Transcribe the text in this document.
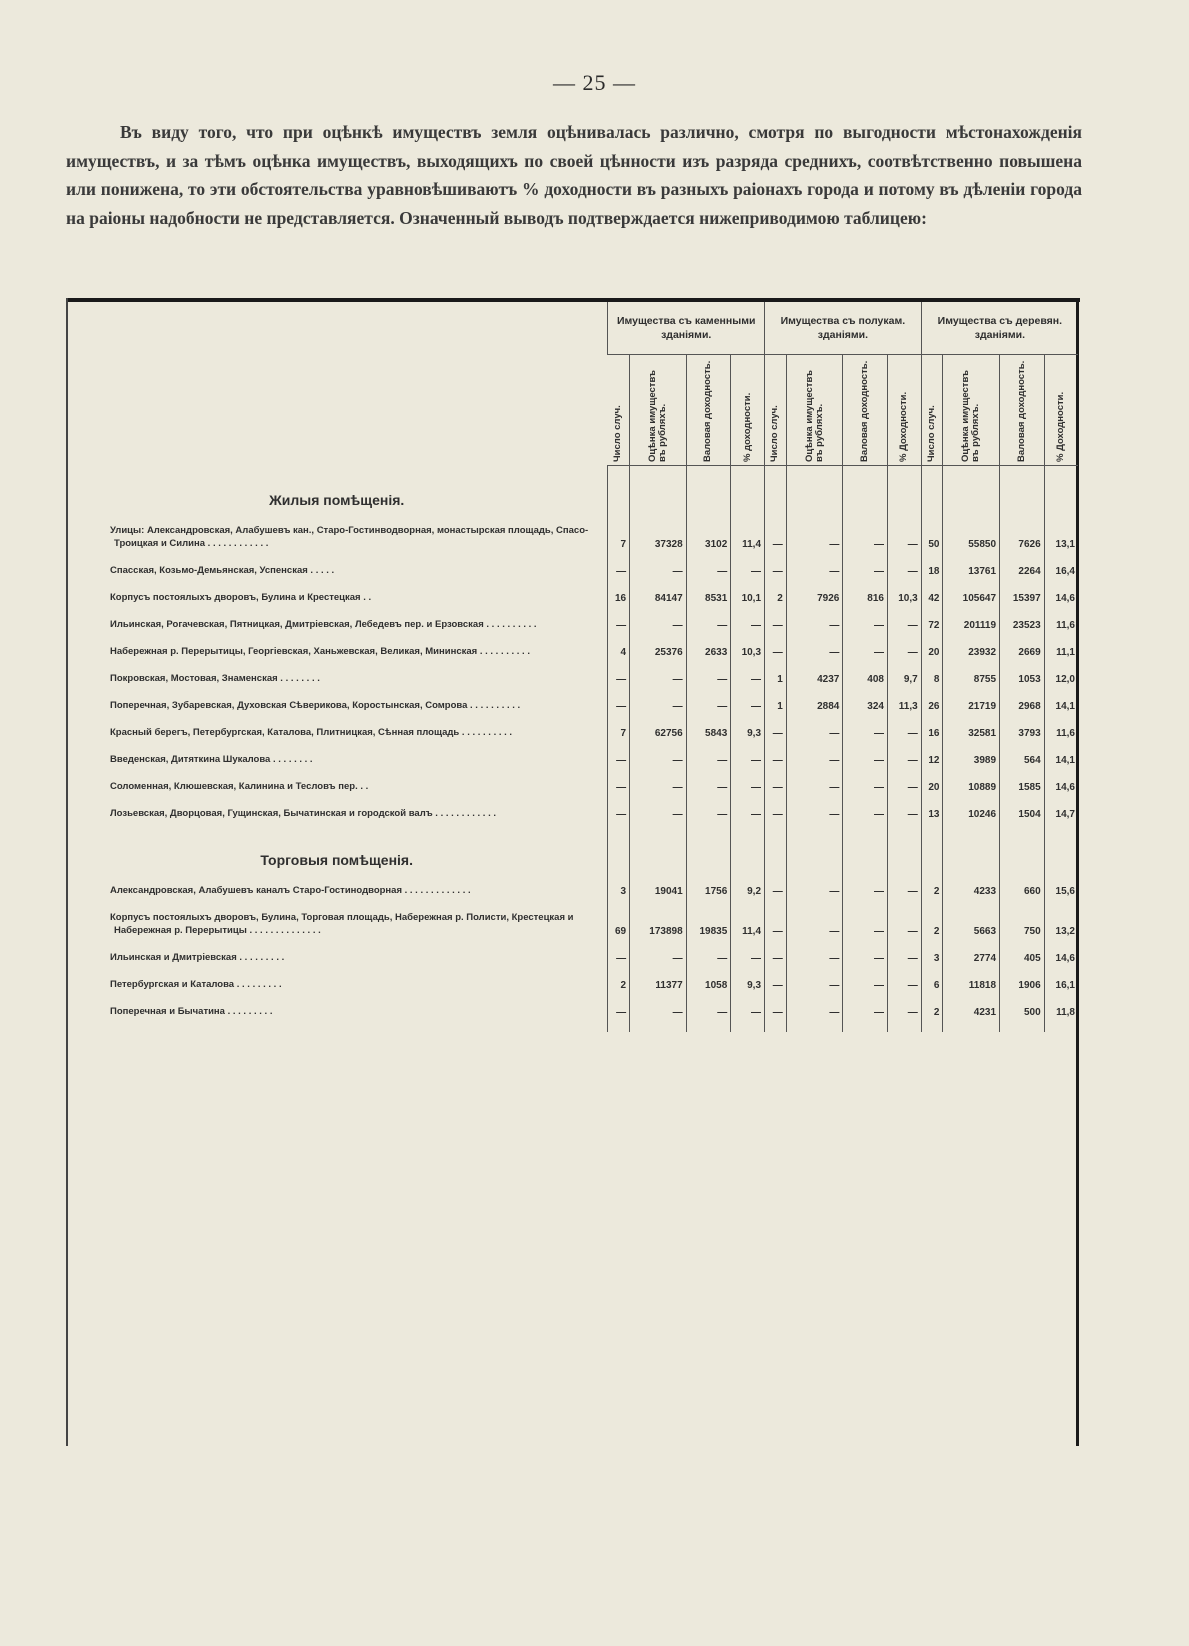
— 25 —

Въ виду того, что при оцѣнкѣ имуществъ земля оцѣнивалась различно, смотря по выгодности мѣстонахожденія имуществъ, и за тѣмъ оцѣнка имуществъ, выходящихъ по своей цѣнности изъ разряда среднихъ, соотвѣтственно повышена или понижена, то эти обстоятельства уравновѣшиваютъ % доходности въ разныхъ раіонахъ города и потому въ дѣленіи города на раіоны надобности не представляется. Означенный выводъ подтверждается нижеприводимою таблицею:

	Имущества съ каменными зданіями.				Имущества съ полукам. зданіями.				Имущества съ деревян. зданіями.			

	Число случ.	Оцѣнка имуществъ въ рубляхъ.	Валовая доходность.	% доходности.	Число случ.	Оцѣнка имуществъ въ рубляхъ.	Валовая доходность.	% Доходности.	Число случ.	Оцѣнка имуществъ въ рубляхъ.	Валовая доходность.	% Доходности.

Жилыя помѣщенія.												
Улицы: Александровская, Алабушевъ кан., Старо-Гостинводворная, монастырская площадь, Спасо-Троицкая и Силина . . . . . . . . . . . .	7	37328	3102	11,4	—	—	—	—	50	55850	7626	13,1
Спасская, Козьмо-Демьянская, Успенская . . . . .	—	—	—	—	—	—	—	—	18	13761	2264	16,4
Корпусъ постоялыхъ дворовъ, Булина и Крестецкая . .	16	84147	8531	10,1	2	7926	816	10,3	42	105647	15397	14,6
Ильинская, Рогачевская, Пятницкая, Дмитріевская, Лебедевъ пер. и Ерзовская . . . . . . . . . .	—	—	—	—	—	—	—	—	72	201119	23523	11,6
Набережная р. Перерытицы, Георгіевская, Ханьжевская, Великая, Мининская . . . . . . . . . .	4	25376	2633	10,3	—	—	—	—	20	23932	2669	11,1
Покровская, Мостовая, Знаменская . . . . . . . .	—	—	—	—	1	4237	408	9,7	8	8755	1053	12,0
Поперечная, Зубаревская, Духовская Сѣверикова, Коростынская, Сомрова . . . . . . . . . .	—	—	—	—	1	2884	324	11,3	26	21719	2968	14,1
Красный берегъ, Петербургская, Каталова, Плитницкая, Сѣнная площадь . . . . . . . . . .	7	62756	5843	9,3	—	—	—	—	16	32581	3793	11,6
Введенская, Дитяткина Шукалова . . . . . . . .	—	—	—	—	—	—	—	—	12	3989	564	14,1
Соломенная, Клюшевская, Калинина и Тесловъ пер. . .	—	—	—	—	—	—	—	—	20	10889	1585	14,6
Лозьевская, Дворцовая, Гущинская, Бычатинская и городской валъ . . . . . . . . . . . .	—	—	—	—	—	—	—	—	13	10246	1504	14,7
Торговыя помѣщенія.												
Александровская, Алабушевъ каналъ Старо-Гостинодворная . . . . . . . . . . . . .	3	19041	1756	9,2	—	—	—	—	2	4233	660	15,6
Корпусъ постоялыхъ дворовъ, Булина, Торговая площадь, Набережная р. Полисти, Крестецкая и Набережная р. Перерытицы . . . . . . . . . . . . . .	69	173898	19835	11,4	—	—	—	—	2	5663	750	13,2
Ильинская и Дмитріевская . . . . . . . . .	—	—	—	—	—	—	—	—	3	2774	405	14,6
Петербургская и Каталова . . . . . . . . .	2	11377	1058	9,3	—	—	—	—	6	11818	1906	16,1
Поперечная и Бычатина . . . . . . . . .	—	—	—	—	—	—	—	—	2	4231	500	11,8
